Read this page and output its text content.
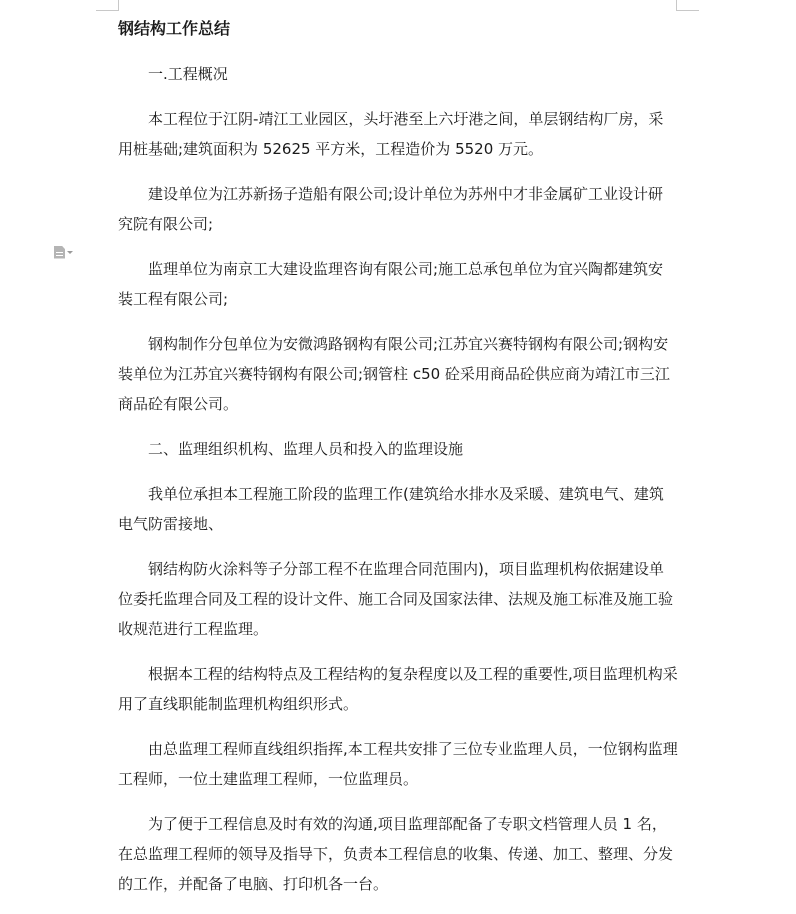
钢结构工作总结

一.工程概况

本工程位于江阴-靖江工业园区，头圩港至上六圩港之间，单层钢结构厂房，采用桩基础;建筑面积为 52625 平方米，工程造价为 5520 万元。

建设单位为江苏新扬子造船有限公司;设计单位为苏州中才非金属矿工业设计研究院有限公司;

监理单位为南京工大建设监理咨询有限公司;施工总承包单位为宜兴陶都建筑安装工程有限公司;

钢构制作分包单位为安微鸿路钢构有限公司;江苏宜兴赛特钢构有限公司;钢构安装单位为江苏宜兴赛特钢构有限公司;钢管柱 c50 砼采用商品砼供应商为靖江市三江商品砼有限公司。

二、监理组织机构、监理人员和投入的监理设施

我单位承担本工程施工阶段的监理工作(建筑给水排水及采暖、建筑电气、建筑电气防雷接地、

钢结构防火涂料等子分部工程不在监理合同范围内)，项目监理机构依据建设单位委托监理合同及工程的设计文件、施工合同及国家法律、法规及施工标准及施工验收规范进行工程监理。

根据本工程的结构特点及工程结构的复杂程度以及工程的重要性,项目监理机构采用了直线职能制监理机构组织形式。

由总监理工程师直线组织指挥,本工程共安排了三位专业监理人员，一位钢构监理工程师，一位土建监理工程师，一位监理员。

为了便于工程信息及时有效的沟通,项目监理部配备了专职文档管理人员 1 名，在总监理工程师的领导及指导下，负责本工程信息的收集、传递、加工、整理、分发的工作，并配备了电脑、打印机各一台。
